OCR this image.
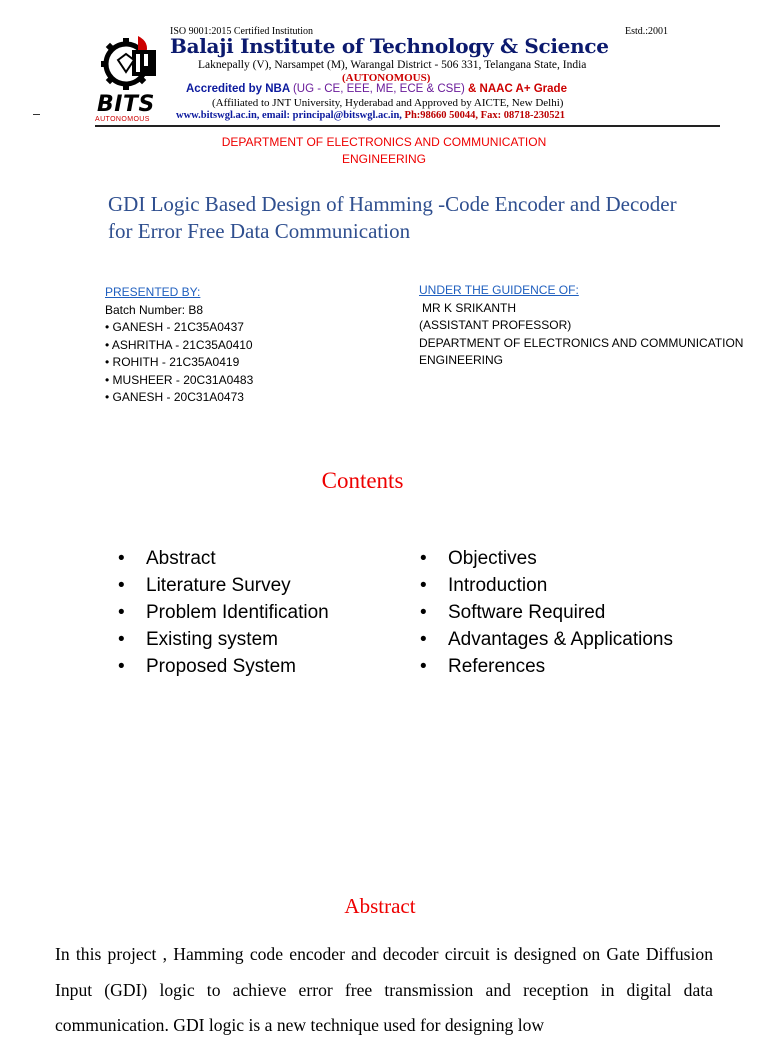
BITS
AUTONOMOUS
ISO 9001:2015 Certified Institution	Estd.:2001
Balaji Institute of Technology & Science
Laknepally (V), Narsampet (M), Warangal District - 506 331, Telangana State, India
(AUTONOMOUS)
Accredited by NBA (UG - CE, EEE, ME, ECE & CSE) & NAAC A+ Grade
(Affiliated to JNT University, Hyderabad and Approved by AICTE, New Delhi)
www.bitswgl.ac.in, email: principal@bitswgl.ac.in, Ph:98660 50044, Fax: 08718-230521
DEPARTMENT OF ELECTRONICS AND COMMUNICATION ENGINEERING
GDI Logic Based Design of Hamming -Code Encoder and Decoder for Error Free Data Communication
PRESENTED BY:
Batch Number: B8
• GANESH - 21C35A0437
• ASHRITHA - 21C35A0410
• ROHITH - 21C35A0419
• MUSHEER - 20C31A0483
• GANESH - 20C31A0473
UNDER THE GUIDENCE OF:
MR K SRIKANTH
(ASSISTANT PROFESSOR)
DEPARTMENT OF ELECTRONICS AND COMMUNICATION ENGINEERING
Contents
• Abstract
• Literature Survey
• Problem Identification
• Existing system
• Proposed System
• Objectives
• Introduction
• Software Required
• Advantages & Applications
• References
Abstract
In this project , Hamming code encoder and decoder circuit is designed on Gate Diffusion Input (GDI) logic to achieve error free transmission and reception in digital data communication. GDI logic is a new technique used for designing low
